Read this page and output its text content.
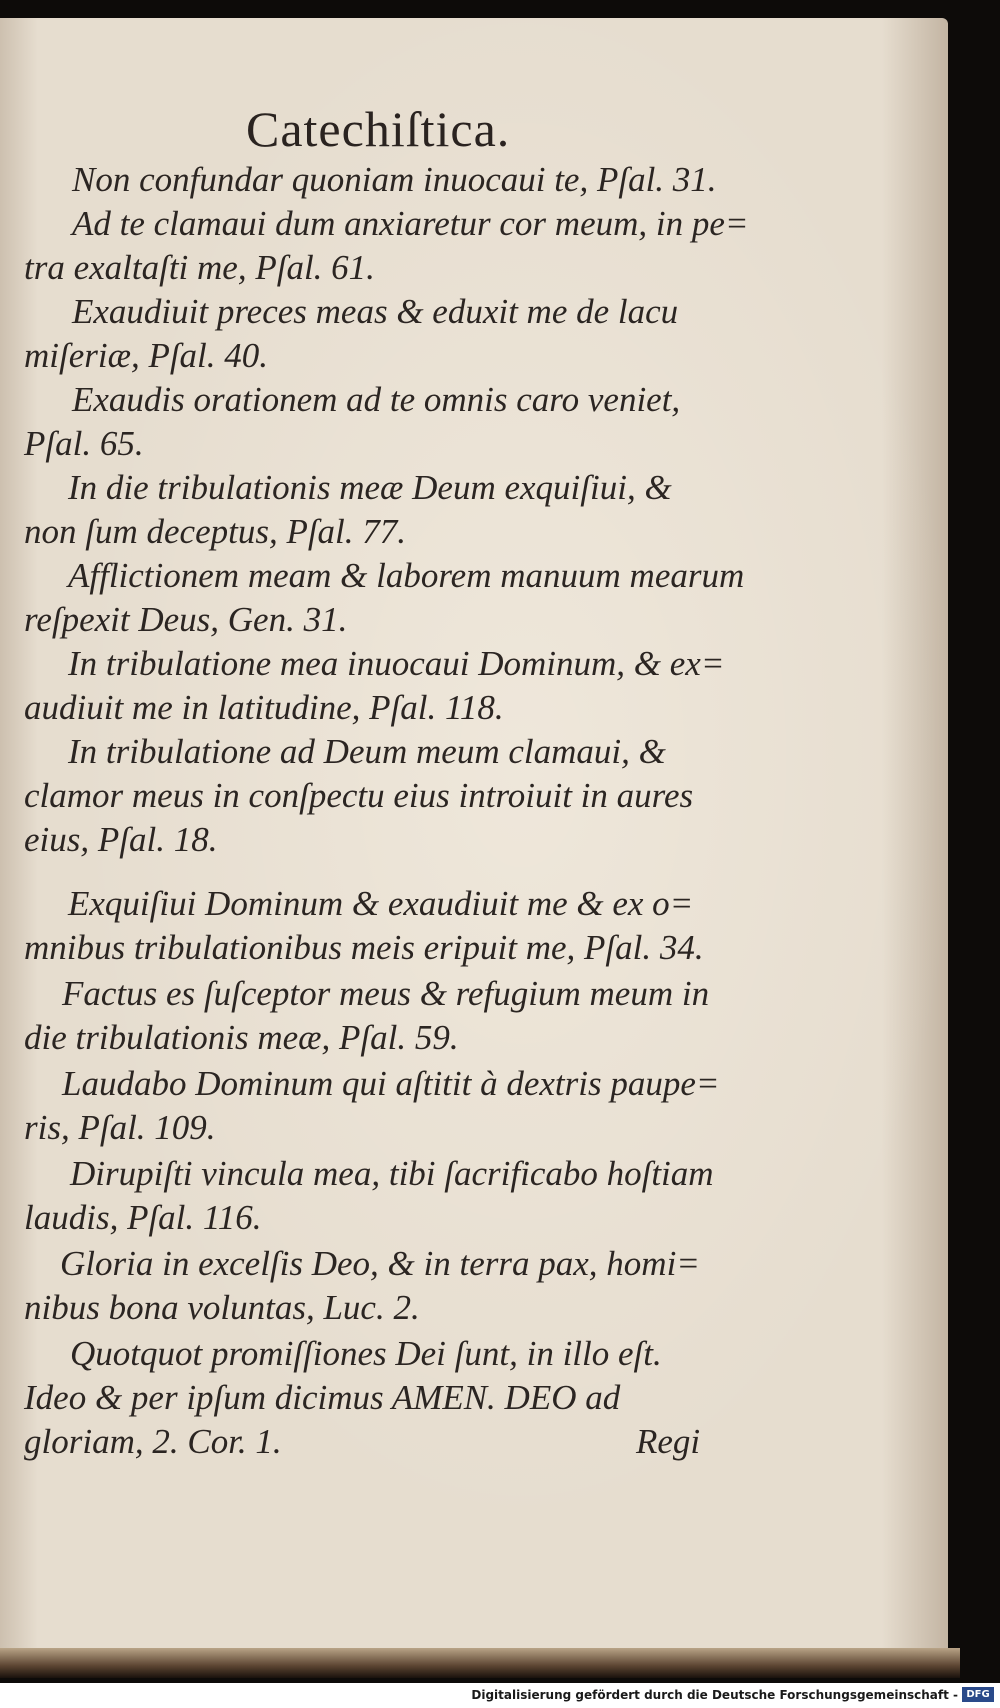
Catechiſtica.
Non confundar quoniam inuocaui te, Pſal. 31.
Ad te clamaui dum anxiaretur cor meum, in pe=
tra exaltaſti me, Pſal. 61.
Exaudiuit preces meas & eduxit me de lacu
miſeriæ, Pſal. 40.
Exaudis orationem ad te omnis caro veniet,
Pſal. 65.
In die tribulationis meæ Deum exquiſiui, &
non ſum deceptus, Pſal. 77.
Afflictionem meam & laborem manuum mearum
reſpexit Deus, Gen. 31.
In tribulatione mea inuocaui Dominum, & ex=
audiuit me in latitudine, Pſal. 118.
In tribulatione ad Deum meum clamaui, &
clamor meus in conſpectu eius introiuit in aures
eius, Pſal. 18.
Exquiſiui Dominum & exaudiuit me & ex o=
mnibus tribulationibus meis eripuit me, Pſal. 34.
Factus es ſuſceptor meus & refugium meum in
die tribulationis meæ, Pſal. 59.
Laudabo Dominum qui aſtitit à dextris paupe=
ris, Pſal. 109.
Dirupiſti vincula mea, tibi ſacrificabo hoſtiam
laudis, Pſal. 116.
Gloria in excelſis Deo, & in terra pax, homi=
nibus bona voluntas, Luc. 2.
Quotquot promiſſiones Dei ſunt, in illo eſt.
Ideo & per ipſum dicimus AMEN. DEO ad
gloriam, 2. Cor. 1.	Regi
Digitalisierung gefördert durch die Deutsche Forschungsgemeinschaft - DFG
